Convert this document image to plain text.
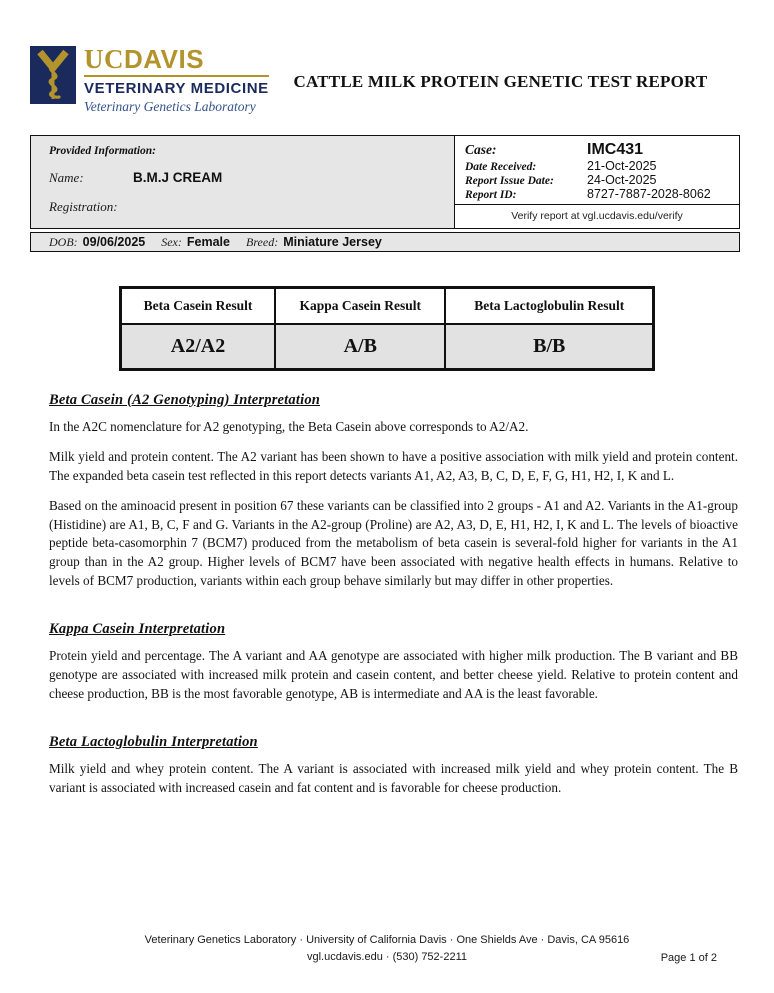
UC DAVIS
VETERINARY MEDICINE
Veterinary Genetics Laboratory
CATTLE MILK PROTEIN GENETIC TEST REPORT
Provided Information:
Name:	B.M.J CREAM
Registration:
Case:	IMC431
Date Received:	21-Oct-2025
Report Issue Date:	24-Oct-2025
Report ID:	8727-7887-2028-8062
Verify report at vgl.ucdavis.edu/verify
DOB: 09/06/2025 Sex: Female Breed: Miniature Jersey
Beta Casein Result	Kappa Casein Result	Beta Lactoglobulin Result
A2/A2	A/B	B/B
Beta Casein (A2 Genotyping) Interpretation

In the A2C nomenclature for A2 genotyping, the Beta Casein above corresponds to A2/A2.

Milk yield and protein content. The A2 variant has been shown to have a positive association with milk yield and protein content. The expanded beta casein test reflected in this report detects variants A1, A2, A3, B, C, D, E, F, G, H1, H2, I, K and L.

Based on the aminoacid present in position 67 these variants can be classified into 2 groups - A1 and A2. Variants in the A1-group (Histidine) are A1, B, C, F and G. Variants in the A2-group (Proline) are A2, A3, D, E, H1, H2, I, K and L. The levels of bioactive peptide beta-casomorphin 7 (BCM7) produced from the metabolism of beta casein is several-fold higher for variants in the A1 group than in the A2 group. Higher levels of BCM7 have been associated with negative health effects in humans. Relative to levels of BCM7 production, variants within each group behave similarly but may differ in other properties.

Kappa Casein Interpretation

Protein yield and percentage. The A variant and AA genotype are associated with higher milk production. The B variant and BB genotype are associated with increased milk protein and casein content, and better cheese yield. Relative to protein content and cheese production, BB is the most favorable genotype, AB is intermediate and AA is the least favorable.

Beta Lactoglobulin Interpretation

Milk yield and whey protein content. The A variant is associated with increased milk yield and whey protein content. The B variant is associated with increased casein and fat content and is favorable for cheese production.

Veterinary Genetics Laboratory · University of California Davis · One Shields Ave · Davis, CA 95616
vgl.ucdavis.edu · (530) 752-2211	Page 1 of 2
